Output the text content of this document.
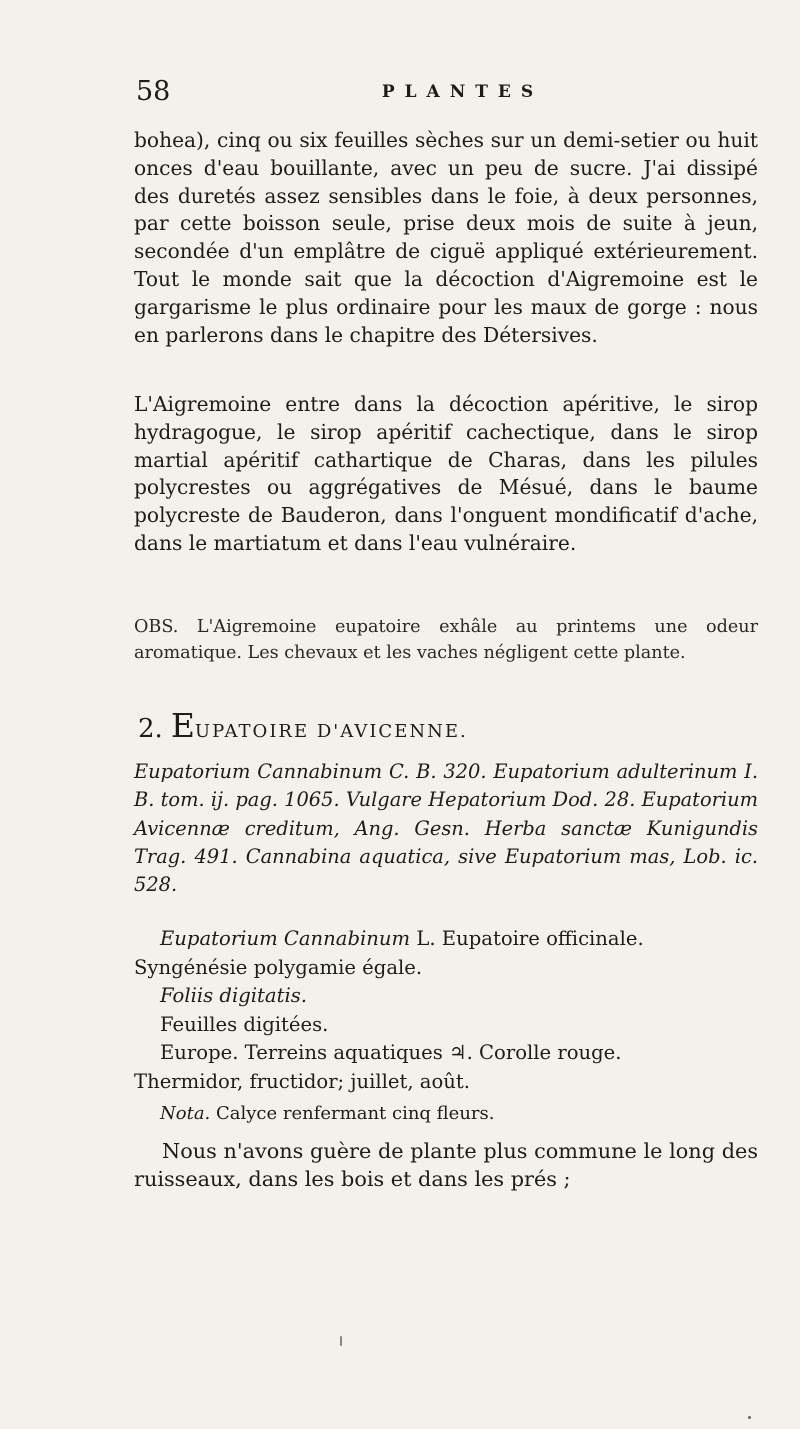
58	PLANTES

bohea), cinq ou six feuilles sèches sur un demi-setier ou huit onces d'eau bouillante, avec un peu de sucre. J'ai dissipé des duretés assez sensibles dans le foie, à deux personnes, par cette boisson seule, prise deux mois de suite à jeun, secondée d'un emplâtre de ciguë appliqué extérieurement. Tout le monde sait que la décoction d'Aigremoine est le gargarisme le plus ordinaire pour les maux de gorge : nous en parlerons dans le chapitre des Détersives.

L'Aigremoine entre dans la décoction apéritive, le sirop hydragogue, le sirop apéritif cachectique, dans le sirop martial apéritif cathartique de Charas, dans les pilules polycrestes ou aggrégatives de Mésué, dans le baume polycreste de Bauderon, dans l'onguent mondificatif d'ache, dans le martiatum et dans l'eau vulnéraire.

OBS. L'Aigremoine eupatoire exhâle au printems une odeur aromatique. Les chevaux et les vaches négligent cette plante.

2. EUPATOIRE D'AVICENNE.

Eupatorium Cannabinum C. B. 320. Eupatorium adulterinum I. B. tom. ij. pag. 1065. Vulgare Hepatorium Dod. 28. Eupatorium Avicennæ creditum, Ang. Gesn. Herba sanctæ Kunigundis Trag. 491. Cannabina aquatica, sive Eupatorium mas, Lob. ic. 528.

Eupatorium Cannabinum L. Eupatoire officinale.

Syngénésie polygamie égale.

Foliis digitatis.

Feuilles digitées.

Europe. Terreins aquatiques ♃. Corolle rouge.

Thermidor, fructidor; juillet, août.

Nota. Calyce renfermant cinq fleurs.

Nous n'avons guère de plante plus commune le long des ruisseaux, dans les bois et dans les prés ;
